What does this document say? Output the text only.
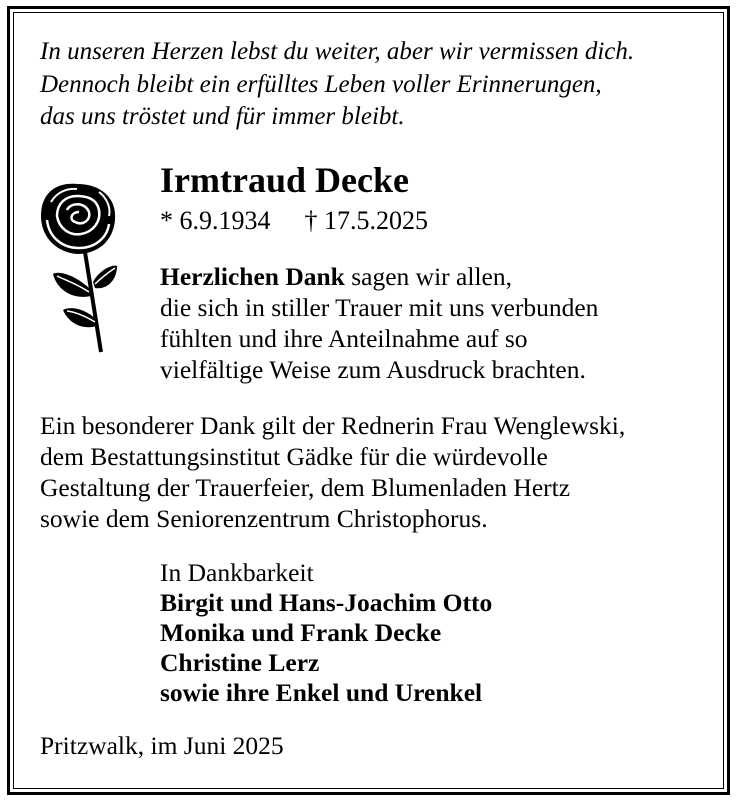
In unseren Herzen lebst du weiter, aber wir vermissen dich.
Dennoch bleibt ein erfülltes Leben voller Erinnerungen,
das uns tröstet und für immer bleibt.
Irmtraud Decke
* 6.9.1934 † 17.5.2025
Herzlichen Dank sagen wir allen,
die sich in stiller Trauer mit uns verbunden
fühlten und ihre Anteilnahme auf so
vielfältige Weise zum Ausdruck brachten.
Ein besonderer Dank gilt der Rednerin Frau Wenglewski,
dem Bestattungsinstitut Gädke für die würdevolle
Gestaltung der Trauerfeier, dem Blumenladen Hertz
sowie dem Seniorenzentrum Christophorus.
In Dankbarkeit
Birgit und Hans-Joachim Otto
Monika und Frank Decke
Christine Lerz
sowie ihre Enkel und Urenkel
Pritzwalk, im Juni 2025
